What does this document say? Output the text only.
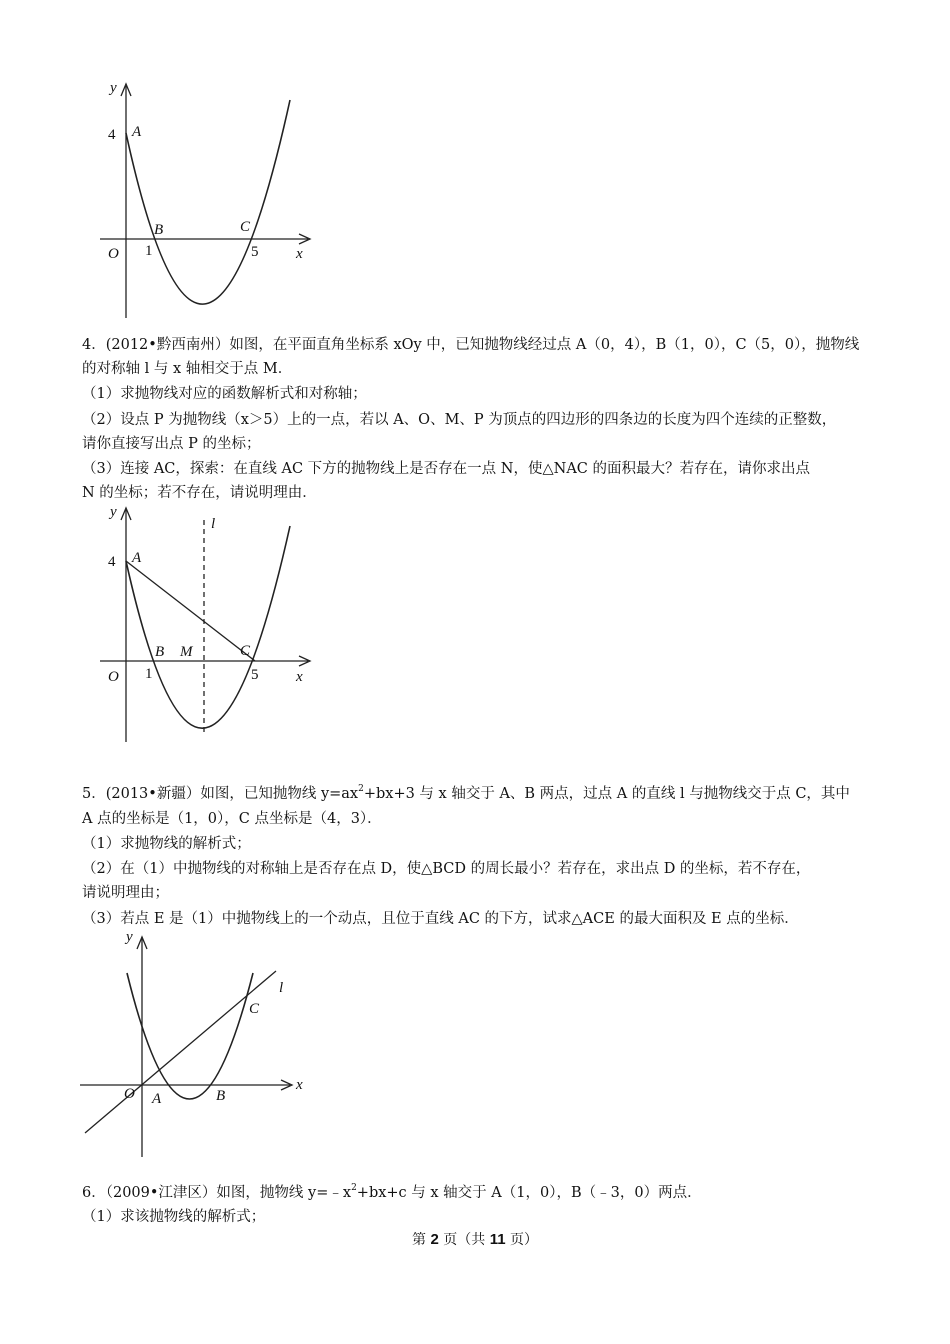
y
4 A
B	C
O 1	5	x
4．(2012•黔西南州）如图，在平面直角坐标系 xOy 中，已知抛物线经过点 A（0，4），B（1，0），C（5，0），抛物线
的对称轴 l 与 x 轴相交于点 M．
（1）求抛物线对应的函数解析式和对称轴；
（2）设点 P 为抛物线（x＞5）上的一点，若以 A、O、M、P 为顶点的四边形的四条边的长度为四个连续的正整数，
请你直接写出点 P 的坐标；
（3）连接 AC，探索：在直线 AC 下方的抛物线上是否存在一点 N，使△NAC 的面积最大？若存在，请你求出点
N 的坐标；若不存在，请说明理由．
y
l
4 A
B M	C
O 1	5	x
5．(2013•新疆）如图，已知抛物线 $y=ax^2+bx+3$ 与 x 轴交于 A、B 两点，过点 A 的直线 l 与抛物线交于点 C，其中
A 点的坐标是（1，0），C 点坐标是（4，3）．
（1）求抛物线的解析式；
（2）在（1）中抛物线的对称轴上是否存在点 D，使△BCD 的周长最小？若存在，求出点 D 的坐标，若不存在，
请说明理由；
（3）若点 E 是（1）中抛物线上的一个动点，且位于直线 AC 的下方，试求△ACE 的最大面积及 E 点的坐标．
y
l
C
O A	B
x
6．（2009•江津区）如图，抛物线 $y=﹣x^2+bx+c$ 与 x 轴交于 A（1，0），B（﹣3，0）两点．
（1）求该抛物线的解析式；
第 2 页（共 11 页）
